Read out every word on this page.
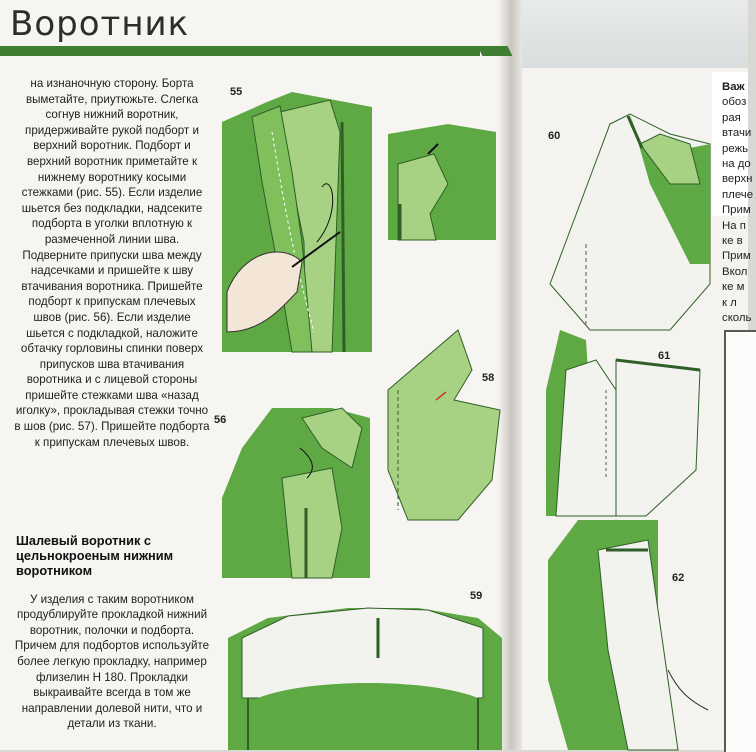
Воротник

на изнаночную сторону. Борта выметайте, приутюжьте. Слегка согнув нижний воротник, придерживайте рукой подборт и верхний воротник. Подборт и верхний воротник приметайте к нижнему воротнику косыми стежками (рис. 55). Если изделие шьется без подкладки, надсеките подборта в уголки вплотную к размеченной линии шва. Подверните припуски шва между надсечками и пришейте к шву втачивания воротника. Пришейте подборт к припускам плечевых швов (рис. 56). Если изделие шьется с подкладкой, наложите обтачку горловины спинки поверх припусков шва втачивания воротника и с лицевой стороны пришейте стежками шва «назад иголку», прокладывая стежки точно в шов (рис. 57). Пришейте подборта к припускам плечевых швов.

Шалевый воротник с цельнокроеным нижним воротником

У изделия с таким воротником продублируйте прокладкой нижний воротник, полочки и подборта. Причем для подбортов используйте более легкую прокладку, например флизелин Н 180. Прокладки выкраивайте всегда в том же направлении долевой нити, что и детали из ткани.

55
58
56
59
60
61
62
Важ
обоз
рая
втачи
режь
на до
верхн
плече
Прим
На п
ке в
Прим
Вкол
ке м
к л
сколь
